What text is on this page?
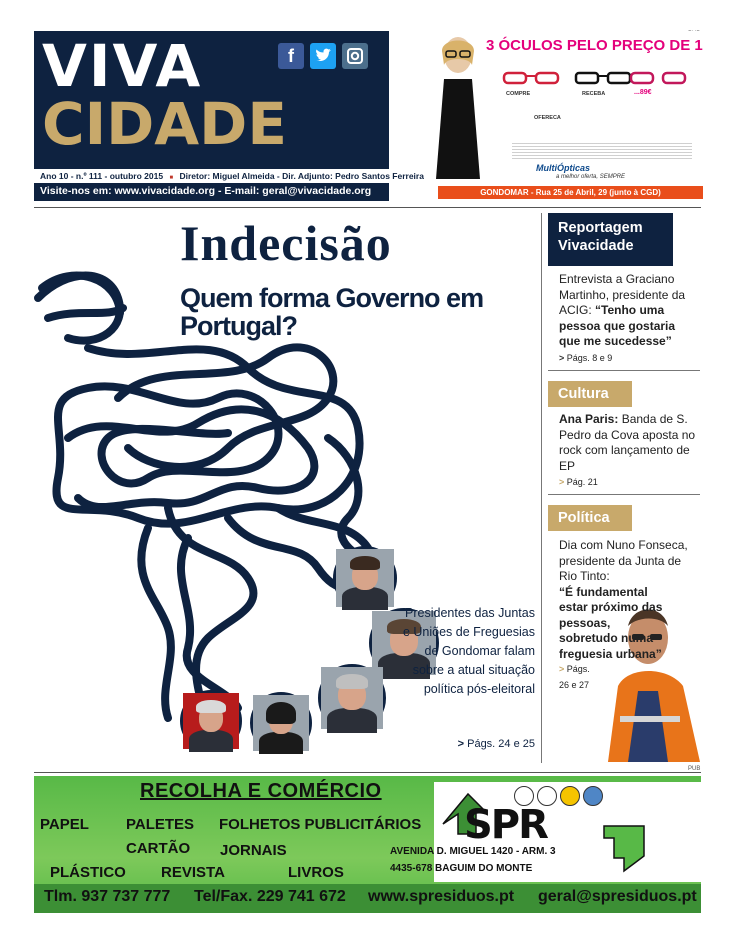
VIVA
CIDADE
f
Ano 10 - n.º 111 - outubro 2015 ■ Diretor: Miguel Almeida - Dir. Adjunto: Pedro Santos Ferreira
Visite-nos em: www.vivacidade.org - E-mail: geral@vivacidade.org
3 ÓCULOS PELO PREÇO DE 1
COMPRE	RECEBA
OFERECA
...89€
MultiÓpticas
a melhor oferta, SEMPRE
GONDOMAR - Rua 25 de Abril, 29 (junto à CGD)
Indecisão
Quem forma Governo em Portugal?
Presidentes das Juntas e Uniões de Freguesias de Gondomar falam sobre a atual situação política pós-eleitoral
> Págs. 24 e 25
Reportagem
Vivacidade
Entrevista a Graciano Martinho, presidente da ACIG: “Tenho uma pessoa que gostaria que me sucedesse”
> Págs. 8 e 9
Cultura
Ana Paris: Banda de S. Pedro da Cova aposta no rock com lançamento de EP
> Pág. 21
Política
Dia com Nuno Fonseca, presidente da Junta de Rio Tinto: “É fundamental estar próximo das pessoas, sobretudo numa freguesia urbana”
> Págs. 26 e 27
PUB
RECOLHA E COMÉRCIO
PAPEL PALETES FOLHETOS PUBLICITÁRIOS
CARTÃO JORNAIS
PLÁSTICO REVISTA	LIVROS
SPR
AVENIDA D. MIGUEL 1420 - ARM. 3
4435-678 BAGUIM DO MONTE
Tlm. 937 737 777 Tel/Fax. 229 741 672 www.spresiduos.pt geral@spresiduos.pt
